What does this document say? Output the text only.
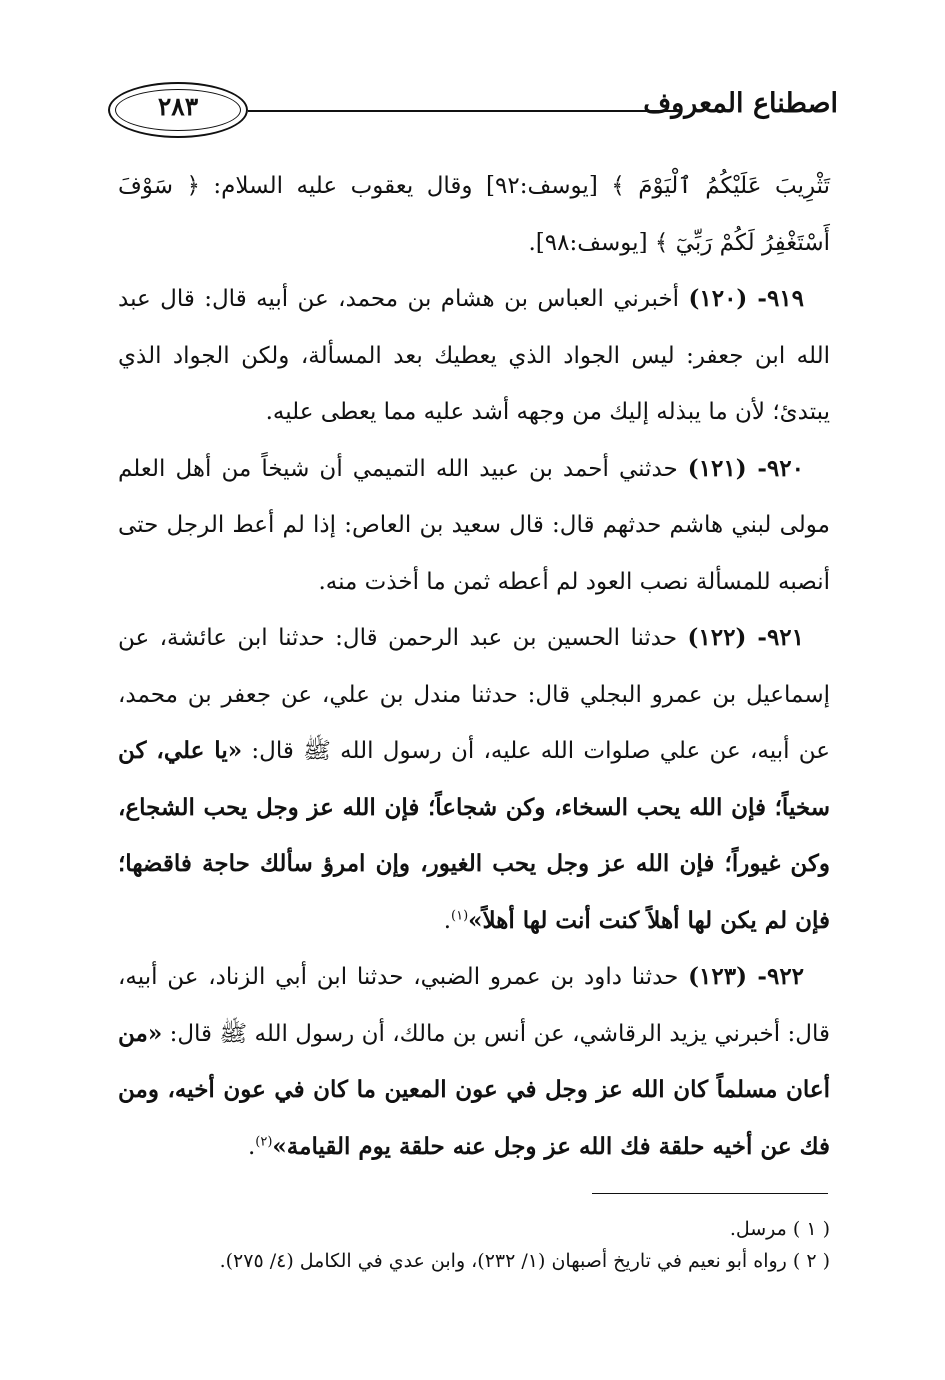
٢٨٣	اصطناع المعروف

تَثْرِيبَ عَلَيْكُمُ ٱلْيَوْمَ ﴾ [يوسف:٩٢] وقال يعقوب عليه السلام: ﴿ سَوْفَ أَسْتَغْفِرُ لَكُمْ رَبِّيٓ ﴾ [يوسف:٩٨].

٩١٩- (١٢٠) أخبرني العباس بن هشام بن محمد، عن أبيه قال: قال عبد الله ابن جعفر: ليس الجواد الذي يعطيك بعد المسألة، ولكن الجواد الذي يبتدئ؛ لأن ما يبذله إليك من وجهه أشد عليه مما يعطى عليه.

٩٢٠- (١٢١) حدثني أحمد بن عبيد الله التميمي أن شيخاً من أهل العلم مولى لبني هاشم حدثهم قال: قال سعيد بن العاص: إذا لم أعط الرجل حتى أنصبه للمسألة نصب العود لم أعطه ثمن ما أخذت منه.

٩٢١- (١٢٢) حدثنا الحسين بن عبد الرحمن قال: حدثنا ابن عائشة، عن إسماعيل بن عمرو البجلي قال: حدثنا مندل بن علي، عن جعفر بن محمد، عن أبيه، عن علي صلوات الله عليه، أن رسول الله ﷺ قال: «يا علي، كن سخياً؛ فإن الله يحب السخاء، وكن شجاعاً؛ فإن الله عز وجل يحب الشجاع، وكن غيوراً؛ فإن الله عز وجل يحب الغيور، وإن امرؤ سألك حاجة فاقضها؛ فإن لم يكن لها أهلاً كنت أنت لها أهلاً»$^{(١)}$.

٩٢٢- (١٢٣) حدثنا داود بن عمرو الضبي، حدثنا ابن أبي الزناد، عن أبيه، قال: أخبرني يزيد الرقاشي، عن أنس بن مالك، أن رسول الله ﷺ قال: «من أعان مسلماً كان الله عز وجل في عون المعين ما كان في عون أخيه، ومن فك عن أخيه حلقة فك الله عز وجل عنه حلقة يوم القيامة»$^{(٢)}$.

( ١ ) مرسل.

( ٢ ) رواه أبو نعيم في تاريخ أصبهان (١/ ٢٣٢)، وابن عدي في الكامل (٤/ ٢٧٥).
